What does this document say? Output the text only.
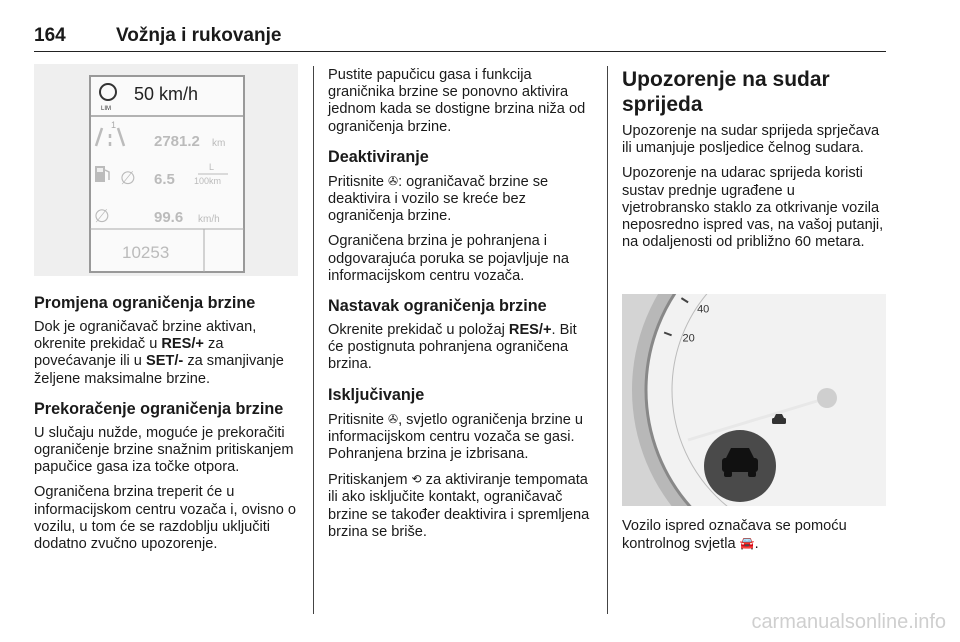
164	Vožnja i rukovanje
LIM
50 km/h
1
2781.2 km
∅ 6.5
L
100km
∅	99.6 km/h
10253
Promjena ograničenja brzine

Dok je ograničavač brzine aktivan, okrenite prekidač u RES/+ za povećavanje ili u SET/- za smanjivanje željene maksimalne brzine.

Prekoračenje ograničenja brzine

U slučaju nužde, moguće je prekoračiti ograničenje brzine snažnim pritiskanjem papučice gasa iza točke otpora.

Ograničena brzina treperit će u informacijskom centru vozača i, ovisno o vozilu, u tom će se razdoblju uključiti dodatno zvučno upozorenje.

Pustite papučicu gasa i funkcija graničnika brzine se ponovno aktivira jednom kada se dostigne brzina niža od ograničenja brzine.

Deaktiviranje

Pritisnite ✇: ograničavač brzine se deaktivira i vozilo se kreće bez ograničenja brzine.

Ograničena brzina je pohranjena i odgovarajuća poruka se pojavljuje na informacijskom centru vozača.

Nastavak ograničenja brzine

Okrenite prekidač u položaj RES/+. Bit će postignuta pohranjena ograničena brzina.

Isključivanje

Pritisnite ✇, svjetlo ograničenja brzine u informacijskom centru vozača se gasi. Pohranjena brzina je izbrisana.

Pritiskanjem ⟲ za aktiviranje tempomata ili ako isključite kontakt, ograničavač brzine se također deaktivira i spremljena brzina se briše.

Upozorenje na sudar sprijeda

Upozorenje na sudar sprijeda sprječava ili umanjuje posljedice čelnog sudara.

Upozorenje na udarac sprijeda koristi sustav prednje ugrađene u vjetrobransko staklo za otkrivanje vozila neposredno ispred vas, na vašoj putanji, na odaljenosti od približno 60 metara.

20
40

Vozilo ispred označava se pomoću kontrolnog svjetla 🚘.

carmanualsonline.info
